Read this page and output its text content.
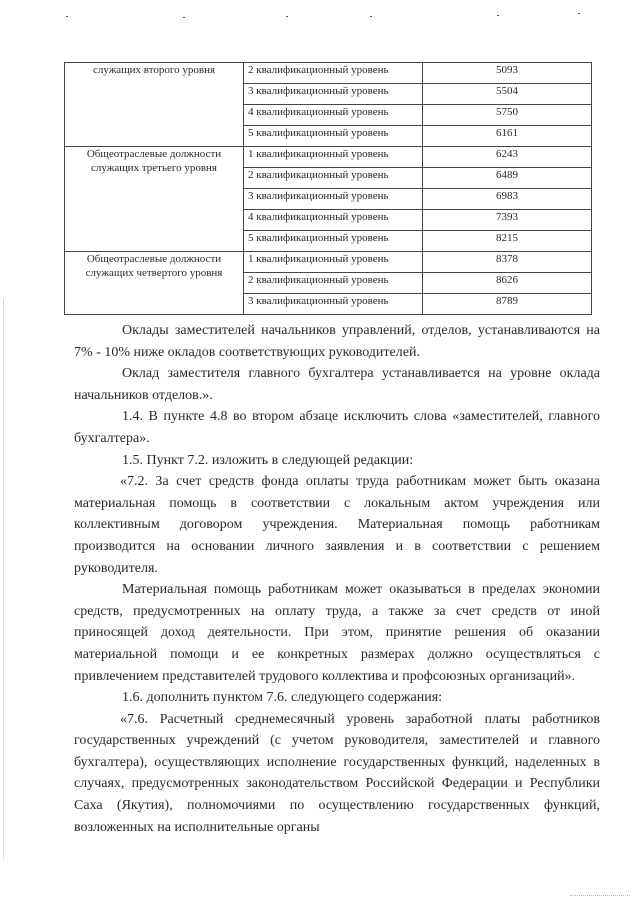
служащих второго уровня	2 квалификационный уровень	5093
	3 квалификационный уровень	5504
	4 квалификационный уровень	5750
	5 квалификационный уровень	6161
Общеотраслевые должности служащих третьего уровня	1 квалификационный уровень	6243
	2 квалификационный уровень	6489
	3 квалификационный уровень	6983
	4 квалификационный уровень	7393
	5 квалификационный уровень	8215
Общеотраслевые должности служащих четвертого уровня	1 квалификационный уровень	8378
	2 квалификационный уровень	8626
	3 квалификационный уровень	8789

Оклады заместителей начальников управлений, отделов, устанавливаются на 7% - 10% ниже окладов соответствующих руководителей.

Оклад заместителя главного бухгалтера устанавливается на уровне оклада начальников отделов.».

1.4. В пункте 4.8 во втором абзаце исключить слова «заместителей, главного бухгалтера».

1.5. Пункт 7.2. изложить в следующей редакции:

«7.2. За счет средств фонда оплаты труда работникам может быть оказана материальная помощь в соответствии с локальным актом учреждения или коллективным договором учреждения. Материальная помощь работникам производится на основании личного заявления и в соответствии с решением руководителя.

Материальная помощь работникам может оказываться в пределах экономии средств, предусмотренных на оплату труда, а также за счет средств от иной приносящей доход деятельности. При этом, принятие решения об оказании материальной помощи и ее конкретных размерах должно осуществляться с привлечением представителей трудового коллектива и профсоюзных организаций».

1.6. дополнить пунктом 7.6. следующего содержания:

«7.6. Расчетный среднемесячный уровень заработной платы работников государственных учреждений (с учетом руководителя, заместителей и главного бухгалтера), осуществляющих исполнение государственных функций, наделенных в случаях, предусмотренных законодательством Российской Федерации и Республики Саха (Якутия), полномочиями по осуществлению государственных функций, возложенных на исполнительные органы
